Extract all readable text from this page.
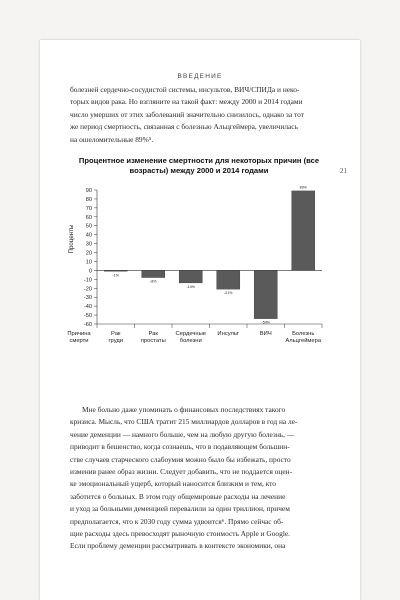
ВВЕДЕНИЕ
21

болезней сердечно-сосудистой системы, инсультов, ВИЧ/СПИДа и неко-

торых видов рака. Но взгляните на такой факт: между 2000 и 2014 годами

число умерших от этих заболеваний значительно снизилось, однако за тот

же период смертность, связанная с болезнью Альцгеймера, увеличилась

на ошеломительные 89%⁵.

Процентное изменение смертности для некоторых причин (все возрасты) между 2000 и 2014 годами
90
80
70
60
50
40
30
20
10
0
-10
-20
-30
-40
-50
-60
Проценты
-1%
-8%
-14%
-21%
-54%
89%
Причина
смерти
Рак
груди
Рак
простаты
Сердечные
болезни
Инсульт	ВИЧ	Болезнь
Альцгеймера

Мне больно даже упоминать о финансовых последствиях такого

кризиса. Мысль, что США тратит 215 миллиардов долларов в год на ле-

чение деменции — намного больше, чем на любую другую болезнь, —

приводит в бешенство, когда сознаешь, что в подавляющем большин-

стве случаев старческого слабоумия можно было бы избежать, просто

изменив ранее образ жизни. Следует добавить, что не поддается оцен-

ке эмоциональный ущерб, который наносится близким и тем, кто

заботится о больных. В этом году общемировые расходы на лечение

и уход за больными деменцией перевалили за один триллион, причем

предполагается, что к 2030 году сумма удвоится⁶. Прямо сейчас об-

щие расходы здесь превосходят рыночную стоимость Apple и Google.

Если проблему деменции рассматривать в контексте экономики, она
